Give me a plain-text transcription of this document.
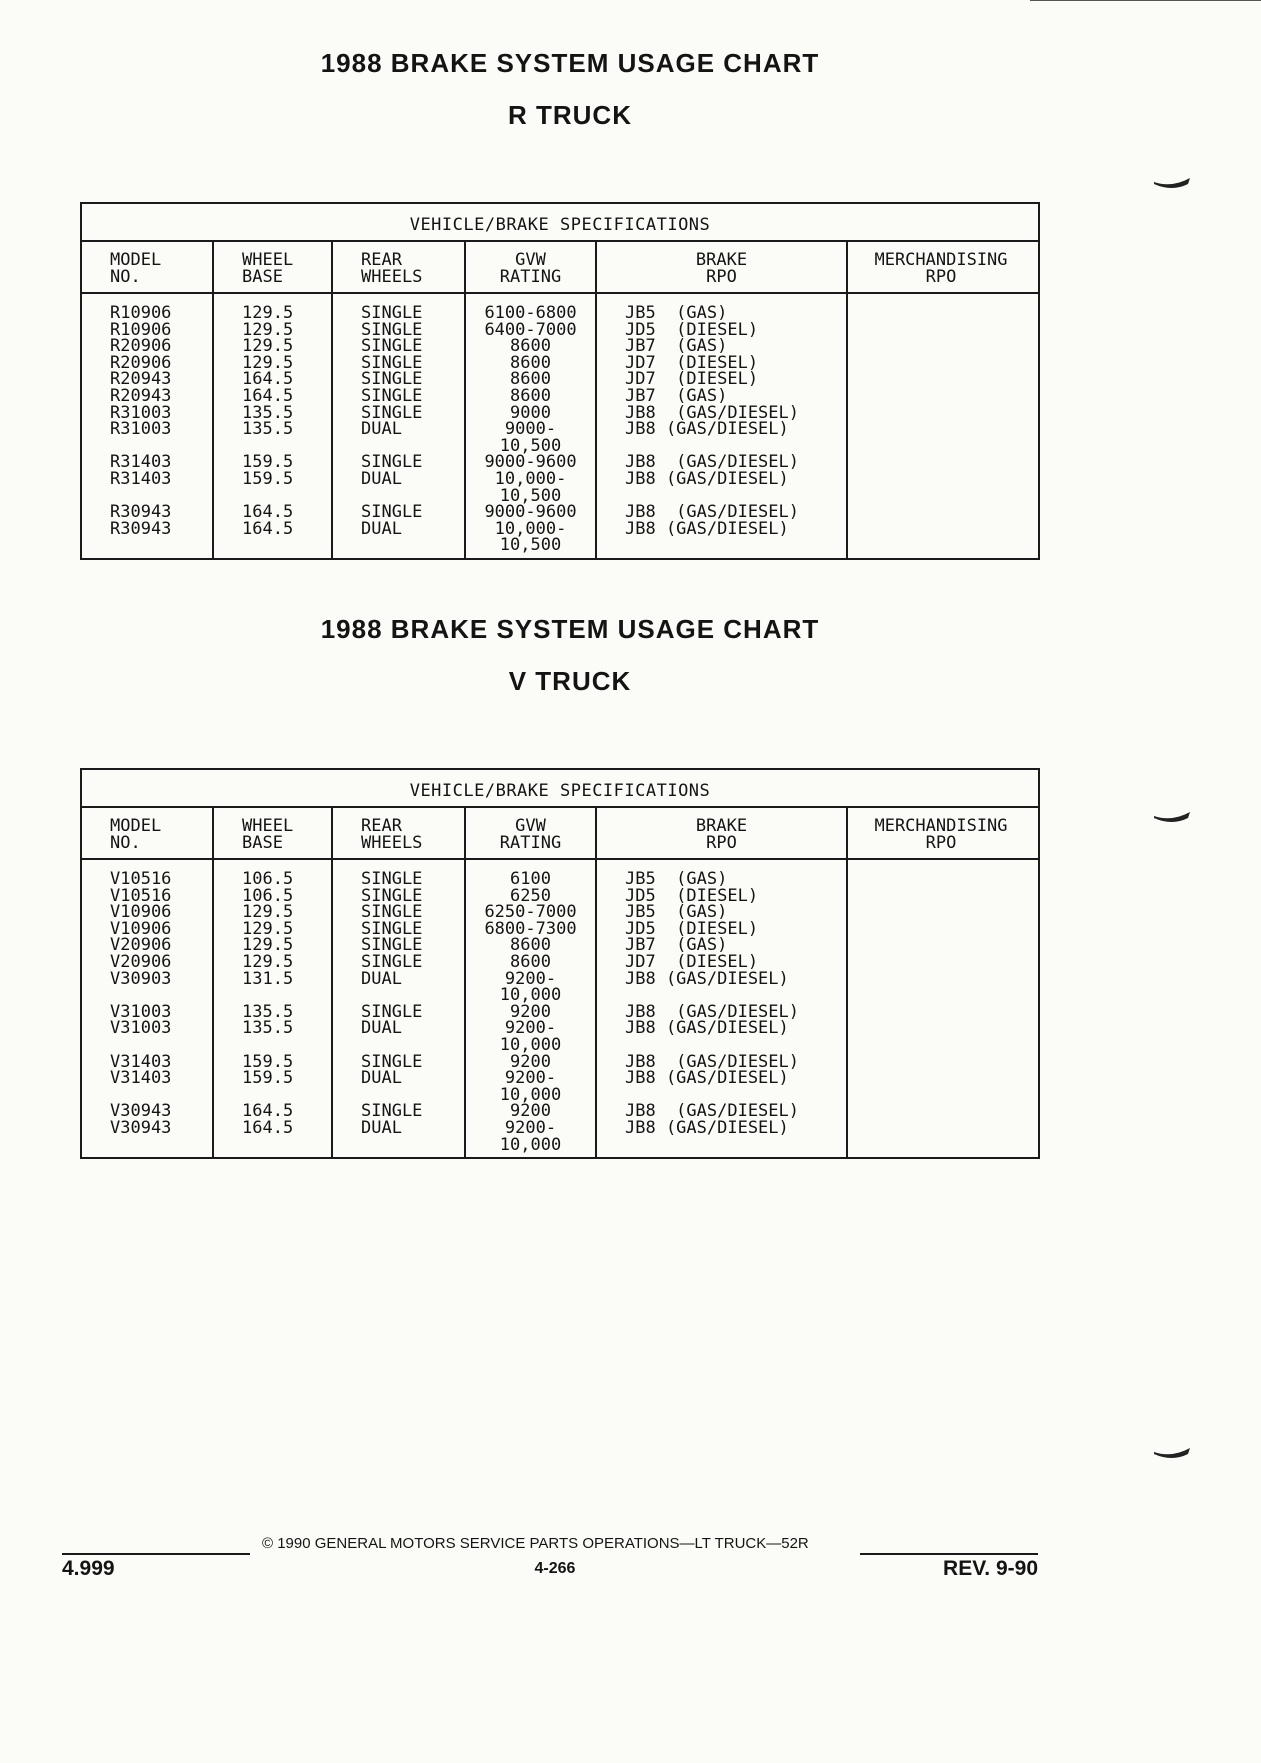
1988 BRAKE SYSTEM USAGE CHART
R TRUCK
VEHICLE/BRAKE SPECIFICATIONS
MODEL
NO.
WHEEL
BASE
REAR
WHEELS
GVW
RATING
BRAKE
RPO
MERCHANDISING
RPO
R10906
R10906
R20906
R20906
R20943
R20943
R31003
R31003
R31403
R31403
R30943
R30943
129.5
129.5
129.5
129.5
164.5
164.5
135.5
135.5
159.5
159.5
164.5
164.5
SINGLE
SINGLE
SINGLE
SINGLE
SINGLE
SINGLE
SINGLE
DUAL
SINGLE
DUAL
SINGLE
DUAL
6100-6800
6400-7000
8600
8600
8600
8600
9000
9000-
10,500
9000-9600
10,000-
10,500
9000-9600
10,000-
10,500
JB5  (GAS)
JD5  (DIESEL)
JB7  (GAS)
JD7  (DIESEL)
JD7  (DIESEL)
JB7  (GAS)
JB8  (GAS/DIESEL)
JB8 (GAS/DIESEL)
JB8  (GAS/DIESEL)
JB8 (GAS/DIESEL)
JB8  (GAS/DIESEL)
JB8 (GAS/DIESEL)
1988 BRAKE SYSTEM USAGE CHART
V TRUCK
VEHICLE/BRAKE SPECIFICATIONS
MODEL
NO.
WHEEL
BASE
REAR
WHEELS
GVW
RATING
BRAKE
RPO
MERCHANDISING
RPO
V10516
V10516
V10906
V10906
V20906
V20906
V30903
V31003
V31003
V31403
V31403
V30943
V30943
106.5
106.5
129.5
129.5
129.5
129.5
131.5
135.5
135.5
159.5
159.5
164.5
164.5
SINGLE
SINGLE
SINGLE
SINGLE
SINGLE
SINGLE
DUAL
SINGLE
DUAL
SINGLE
DUAL
SINGLE
DUAL
6100
6250
6250-7000
6800-7300
8600
8600
9200-
10,000
9200
9200-
10,000
9200
9200-
10,000
9200
9200-
10,000
JB5  (GAS)
JD5  (DIESEL)
JB5  (GAS)
JD5  (DIESEL)
JB7  (GAS)
JD7  (DIESEL)
JB8 (GAS/DIESEL)
JB8  (GAS/DIESEL)
JB8 (GAS/DIESEL)
JB8  (GAS/DIESEL)
JB8 (GAS/DIESEL)
JB8  (GAS/DIESEL)
JB8 (GAS/DIESEL)
4.999
© 1990 GENERAL MOTORS SERVICE PARTS OPERATIONS—LT TRUCK—52R
4-266	REV. 9-90
